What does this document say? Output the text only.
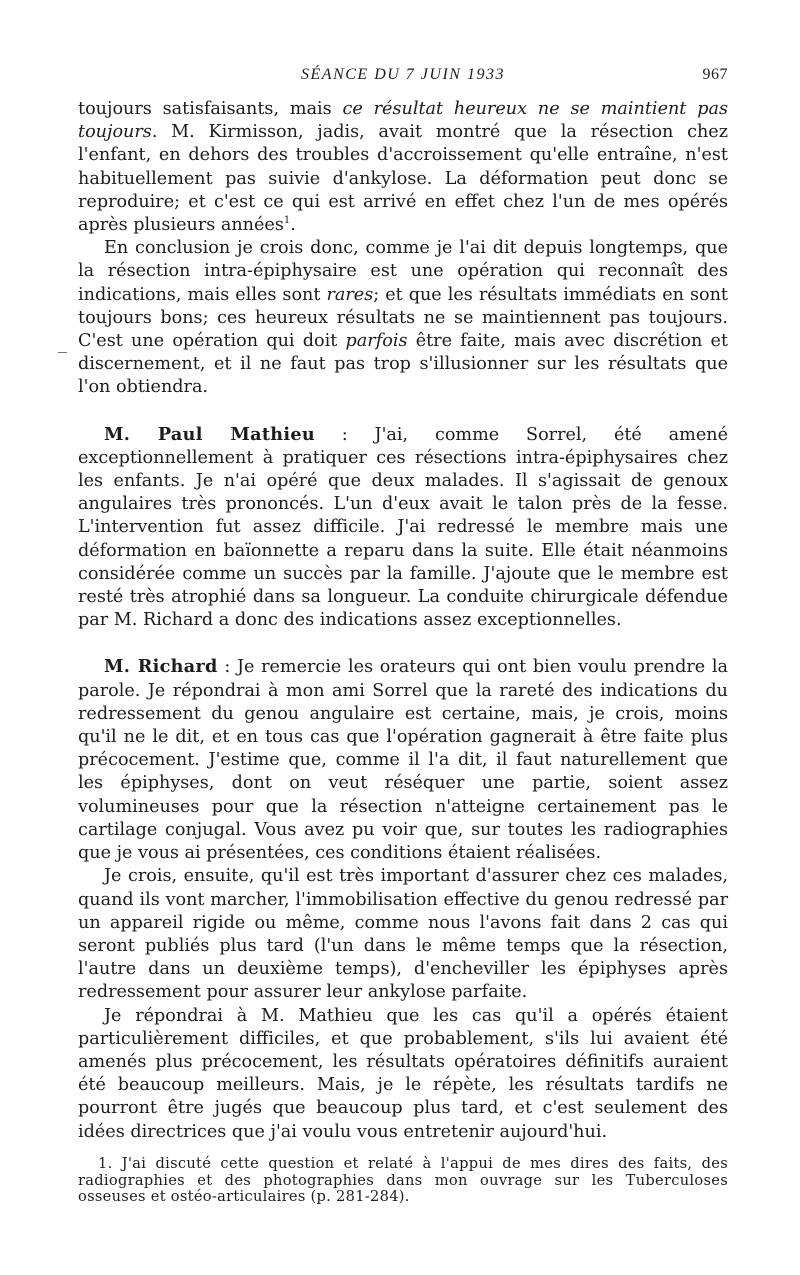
SÉANCE DU 7 JUIN 1933	967

toujours satisfaisants, mais ce résultat heureux ne se maintient pas toujours. M. Kirmisson, jadis, avait montré que la résection chez l'enfant, en dehors des troubles d'accroissement qu'elle entraîne, n'est habituellement pas suivie d'ankylose. La déformation peut donc se reproduire; et c'est ce qui est arrivé en effet chez l'un de mes opérés après plusieurs années$^1$.

En conclusion je crois donc, comme je l'ai dit depuis longtemps, que la résection intra-épiphysaire est une opération qui reconnaît des indications, mais elles sont rares; et que les résultats immédiats en sont toujours bons; ces heureux résultats ne se maintiennent pas toujours. C'est une opération qui doit parfois être faite, mais avec discrétion et discernement, et il ne faut pas trop s'illusionner sur les résultats que l'on obtiendra.

M. Paul Mathieu : J'ai, comme Sorrel, été amené exceptionnellement à pratiquer ces résections intra-épiphysaires chez les enfants. Je n'ai opéré que deux malades. Il s'agissait de genoux angulaires très prononcés. L'un d'eux avait le talon près de la fesse. L'intervention fut assez difficile. J'ai redressé le membre mais une déformation en baïonnette a reparu dans la suite. Elle était néanmoins considérée comme un succès par la famille. J'ajoute que le membre est resté très atrophié dans sa longueur. La conduite chirurgicale défendue par M. Richard a donc des indications assez exceptionnelles.

M. Richard : Je remercie les orateurs qui ont bien voulu prendre la parole. Je répondrai à mon ami Sorrel que la rareté des indications du redressement du genou angulaire est certaine, mais, je crois, moins qu'il ne le dit, et en tous cas que l'opération gagnerait à être faite plus précocement. J'estime que, comme il l'a dit, il faut naturellement que les épiphyses, dont on veut réséquer une partie, soient assez volumineuses pour que la résection n'atteigne certainement pas le cartilage conjugal. Vous avez pu voir que, sur toutes les radiographies que je vous ai présentées, ces conditions étaient réalisées.

Je crois, ensuite, qu'il est très important d'assurer chez ces malades, quand ils vont marcher, l'immobilisation effective du genou redressé par un appareil rigide ou même, comme nous l'avons fait dans 2 cas qui seront publiés plus tard (l'un dans le même temps que la résection, l'autre dans un deuxième temps), d'encheviller les épiphyses après redressement pour assurer leur ankylose parfaite.

Je répondrai à M. Mathieu que les cas qu'il a opérés étaient particulièrement difficiles, et que probablement, s'ils lui avaient été amenés plus précocement, les résultats opératoires définitifs auraient été beaucoup meilleurs. Mais, je le répète, les résultats tardifs ne pourront être jugés que beaucoup plus tard, et c'est seulement des idées directrices que j'ai voulu vous entretenir aujourd'hui.

1. J'ai discuté cette question et relaté à l'appui de mes dires des faits, des radiographies et des photographies dans mon ouvrage sur les Tuberculoses osseuses et ostéo-articulaires (p. 281-284).
